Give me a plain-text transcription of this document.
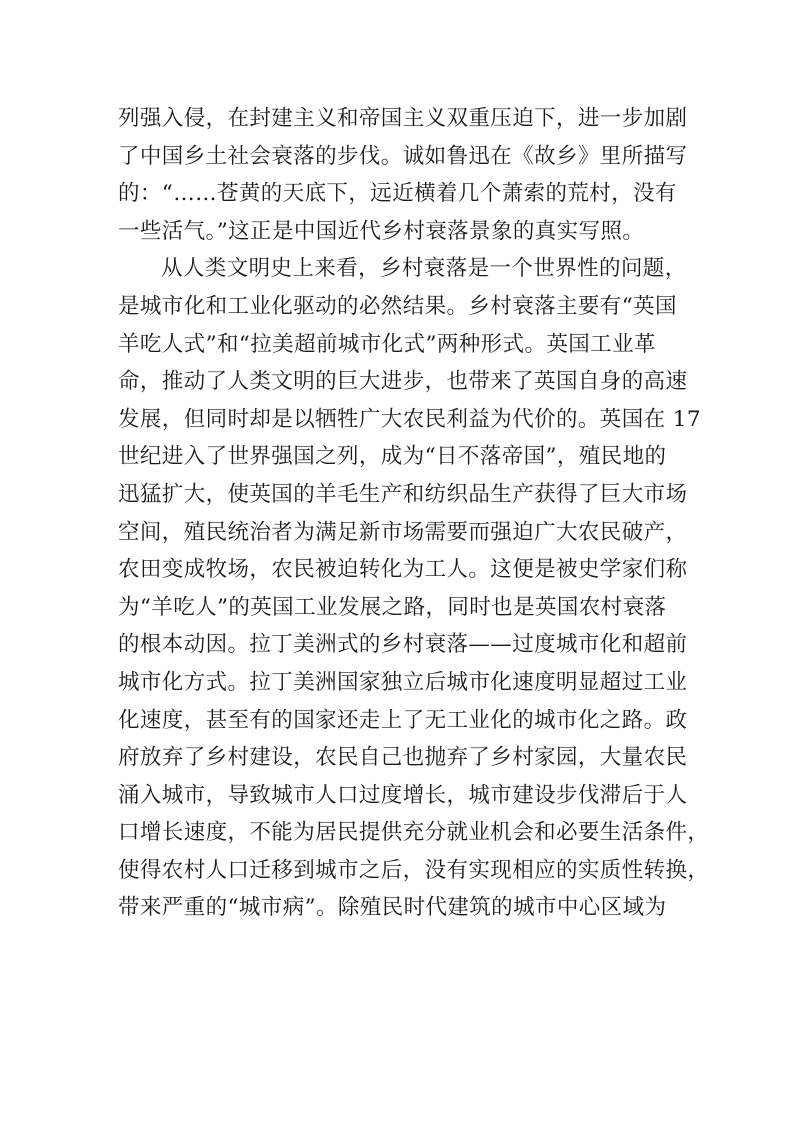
列强入侵，在封建主义和帝国主义双重压迫下，进一步加剧
了中国乡土社会衰落的步伐。诚如鲁迅在《故乡》里所描写
的：“……苍黄的天底下，远近横着几个萧索的荒村，没有
一些活气。”这正是中国近代乡村衰落景象的真实写照。
从人类文明史上来看，乡村衰落是一个世界性的问题，
是城市化和工业化驱动的必然结果。乡村衰落主要有“英国
羊吃人式”和“拉美超前城市化式”两种形式。英国工业革
命，推动了人类文明的巨大进步，也带来了英国自身的高速
发展，但同时却是以牺牲广大农民利益为代价的。英国在 17
世纪进入了世界强国之列，成为“日不落帝国”，殖民地的
迅猛扩大，使英国的羊毛生产和纺织品生产获得了巨大市场
空间，殖民统治者为满足新市场需要而强迫广大农民破产，
农田变成牧场，农民被迫转化为工人。这便是被史学家们称
为“羊吃人”的英国工业发展之路，同时也是英国农村衰落
的根本动因。拉丁美洲式的乡村衰落——过度城市化和超前
城市化方式。拉丁美洲国家独立后城市化速度明显超过工业
化速度，甚至有的国家还走上了无工业化的城市化之路。政
府放弃了乡村建设，农民自己也抛弃了乡村家园，大量农民
涌入城市，导致城市人口过度增长，城市建设步伐滞后于人
口增长速度，不能为居民提供充分就业机会和必要生活条件，
使得农村人口迁移到城市之后，没有实现相应的实质性转换，
带来严重的“城市病”。除殖民时代建筑的城市中心区域为
